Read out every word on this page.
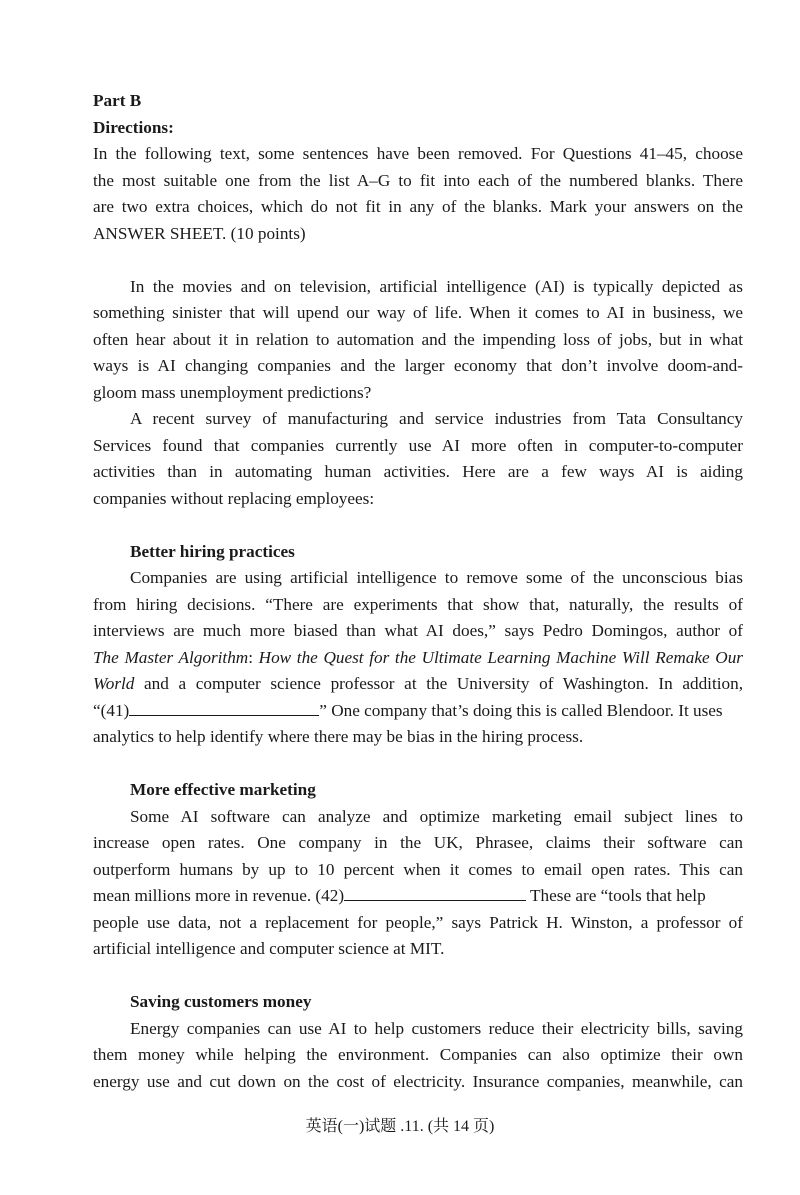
Part B

Directions:

In the following text, some sentences have been removed. For Questions 41–45, choose

the most suitable one from the list A–G to fit into each of the numbered blanks. There

are two extra choices, which do not fit in any of the blanks. Mark your answers on the

ANSWER SHEET. (10 points)

In the movies and on television, artificial intelligence (AI) is typically depicted as

something sinister that will upend our way of life. When it comes to AI in business, we

often hear about it in relation to automation and the impending loss of jobs, but in what

ways is AI changing companies and the larger economy that don’t involve doom-and-

gloom mass unemployment predictions?

A recent survey of manufacturing and service industries from Tata Consultancy

Services found that companies currently use AI more often in computer-to-computer

activities than in automating human activities. Here are a few ways AI is aiding

companies without replacing employees:

Better hiring practices

Companies are using artificial intelligence to remove some of the unconscious bias

from hiring decisions. “There are experiments that show that, naturally, the results of

interviews are much more biased than what AI does,” says Pedro Domingos, author of

The Master Algorithm: How the Quest for the Ultimate Learning Machine Will Remake Our

World and a computer science professor at the University of Washington. In addition,

“(41)	” One company that’s doing this is called Blendoor. It uses

analytics to help identify where there may be bias in the hiring process.

More effective marketing

Some AI software can analyze and optimize marketing email subject lines to

increase open rates. One company in the UK, Phrasee, claims their software can

outperform humans by up to 10 percent when it comes to email open rates. This can

mean millions more in revenue. (42)	These are “tools that help

people use data, not a replacement for people,” says Patrick H. Winston, a professor of

artificial intelligence and computer science at MIT.

Saving customers money

Energy companies can use AI to help customers reduce their electricity bills, saving

them money while helping the environment. Companies can also optimize their own

energy use and cut down on the cost of electricity. Insurance companies, meanwhile, can

英语(一)试题 .11. (共 14 页)
